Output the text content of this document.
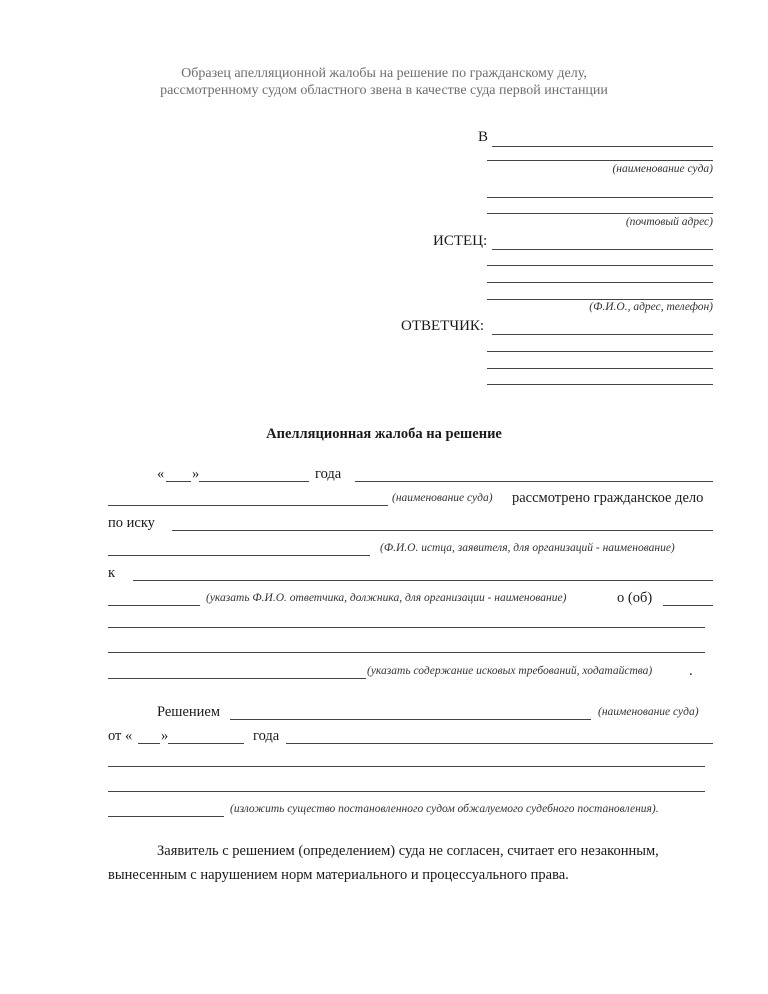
Образец апелляционной жалобы на решение по гражданскому делу,
рассмотренному судом областного звена в качестве суда первой инстанции
В
(наименование суда)
(почтовый адрес)
ИСТЕЦ:
(Ф.И.О., адрес, телефон)
ОТВЕТЧИК:
Апелляционная жалоба на решение
« »	года
(наименование суда) рассмотрено гражданское дело
по иску
(Ф.И.О. истца, заявителя, для организаций - наименование)
к
(указать Ф.И.О. ответчика, должника, для организации - наименование)	о (об)
(указать содержание исковых требований, ходатайства)	.
Решением	(наименование суда)
от « »	года
(изложить существо постановленного судом обжалуемого судебного постановления).
Заявитель с решением (определением) суда не согласен, считает его незаконным,
вынесенным с нарушением норм материального и процессуального права.
